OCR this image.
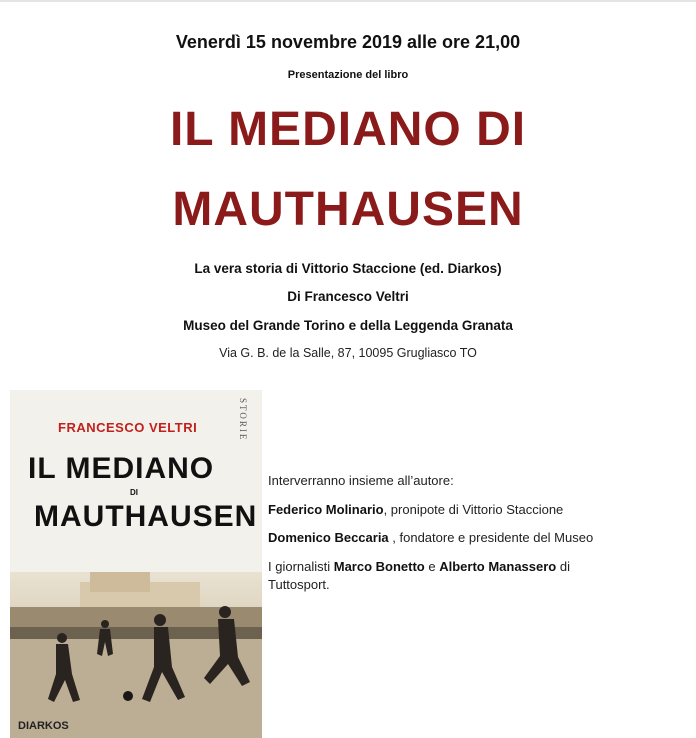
Venerdì 15 novembre 2019 alle ore 21,00
Presentazione del libro
IL MEDIANO DI
MAUTHAUSEN
La vera storia di Vittorio Staccione (ed. Diarkos)
Di Francesco Veltri
Museo del Grande Torino e della Leggenda Granata
Via G. B. de la Salle, 87, 10095 Grugliasco TO
FRANCESCO VELTRI	STORIE
IL MEDIANO
DI
MAUTHAUSEN
DIARKOS
Interverranno insieme all’autore:
Federico Molinario, pronipote di Vittorio Staccione
Domenico Beccaria , fondatore e presidente del Museo
I giornalisti Marco Bonetto e Alberto Manassero di
Tuttosport.
